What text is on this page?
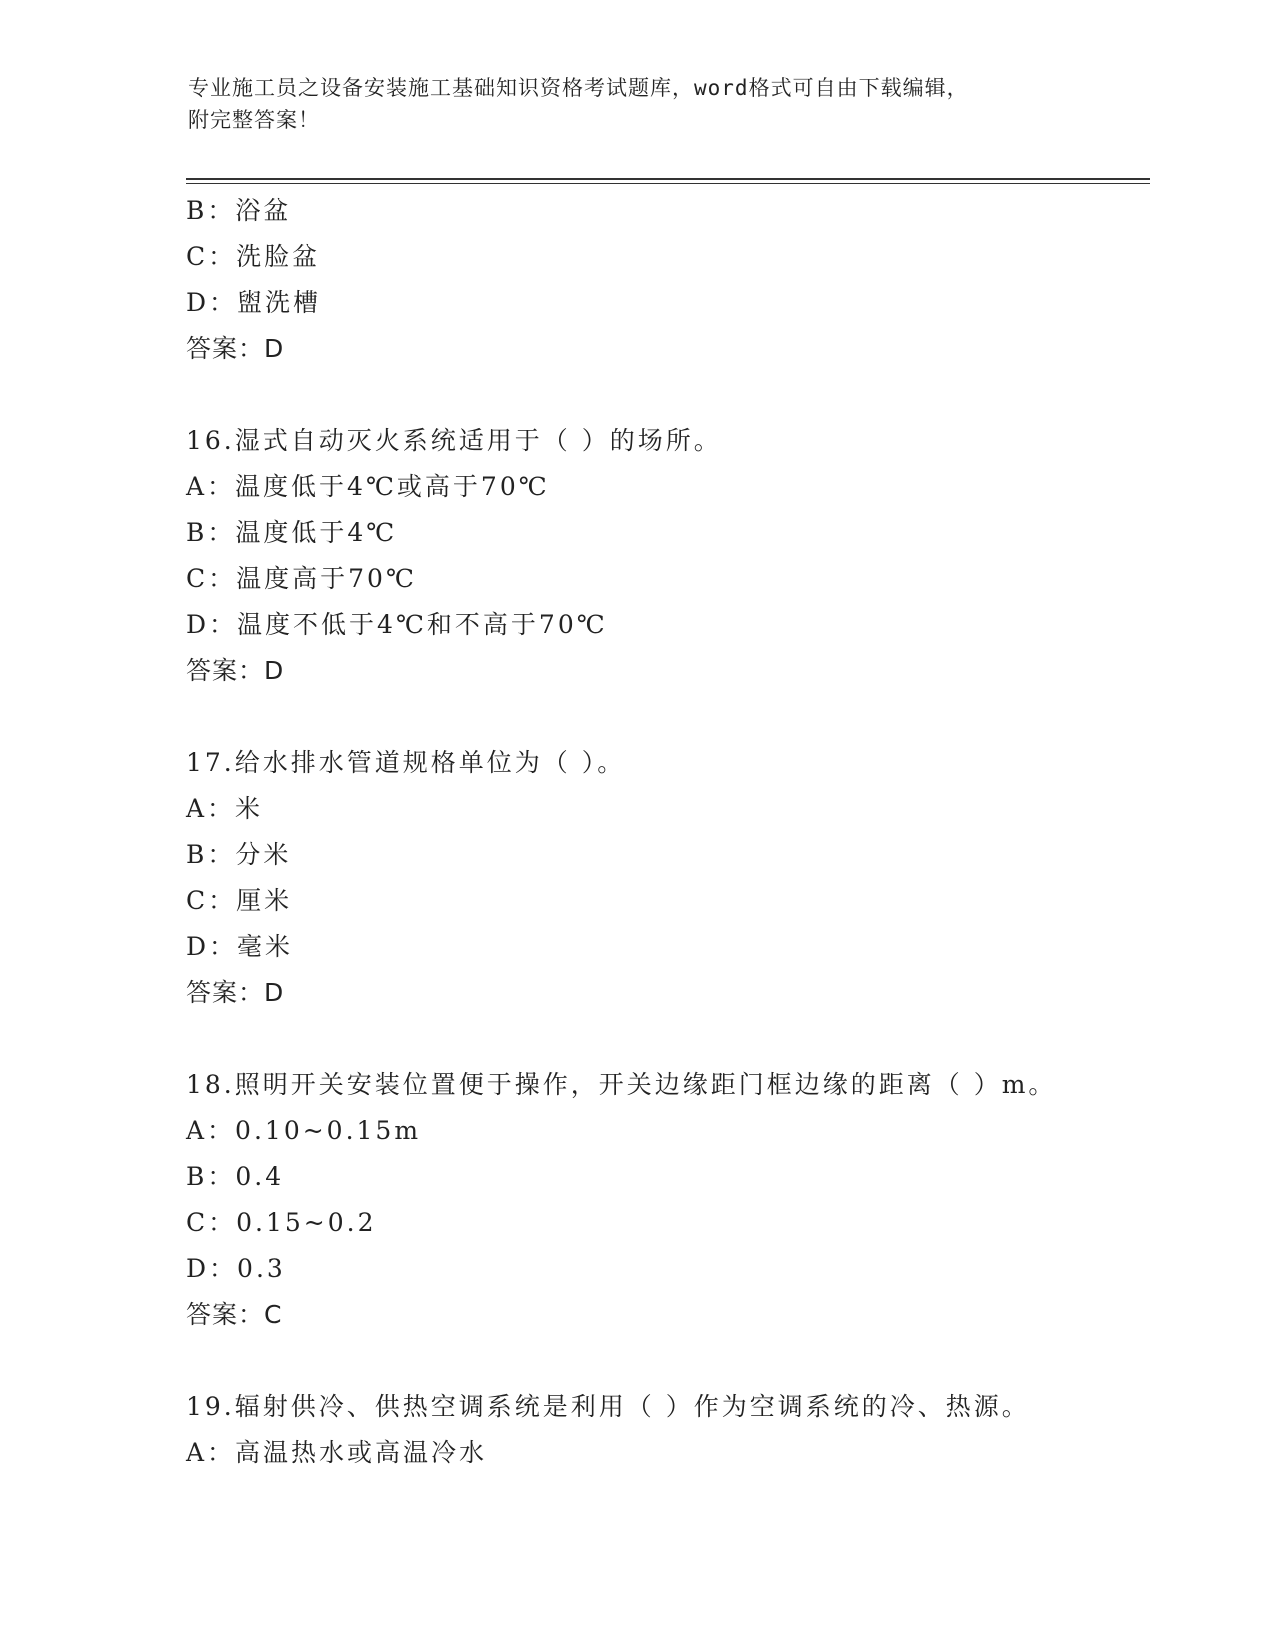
专业施工员之设备安装施工基础知识资格考试题库，word格式可自由下载编辑，
附完整答案！
B：浴盆
C：洗脸盆
D：盥洗槽
答案：D
16.湿式自动灭火系统适用于（ ）的场所。
A：温度低于4℃或高于70℃
B：温度低于4℃
C：温度高于70℃
D：温度不低于4℃和不高于70℃
答案：D
17.给水排水管道规格单位为（ ）。
A：米
B：分米
C：厘米
D：毫米
答案：D
18.照明开关安装位置便于操作，开关边缘距门框边缘的距离（ ）m。
A：0.10~0.15m
B：0.4
C：0.15~0.2
D：0.3
答案：C
19.辐射供冷、供热空调系统是利用（ ）作为空调系统的冷、热源。
A：高温热水或高温冷水
